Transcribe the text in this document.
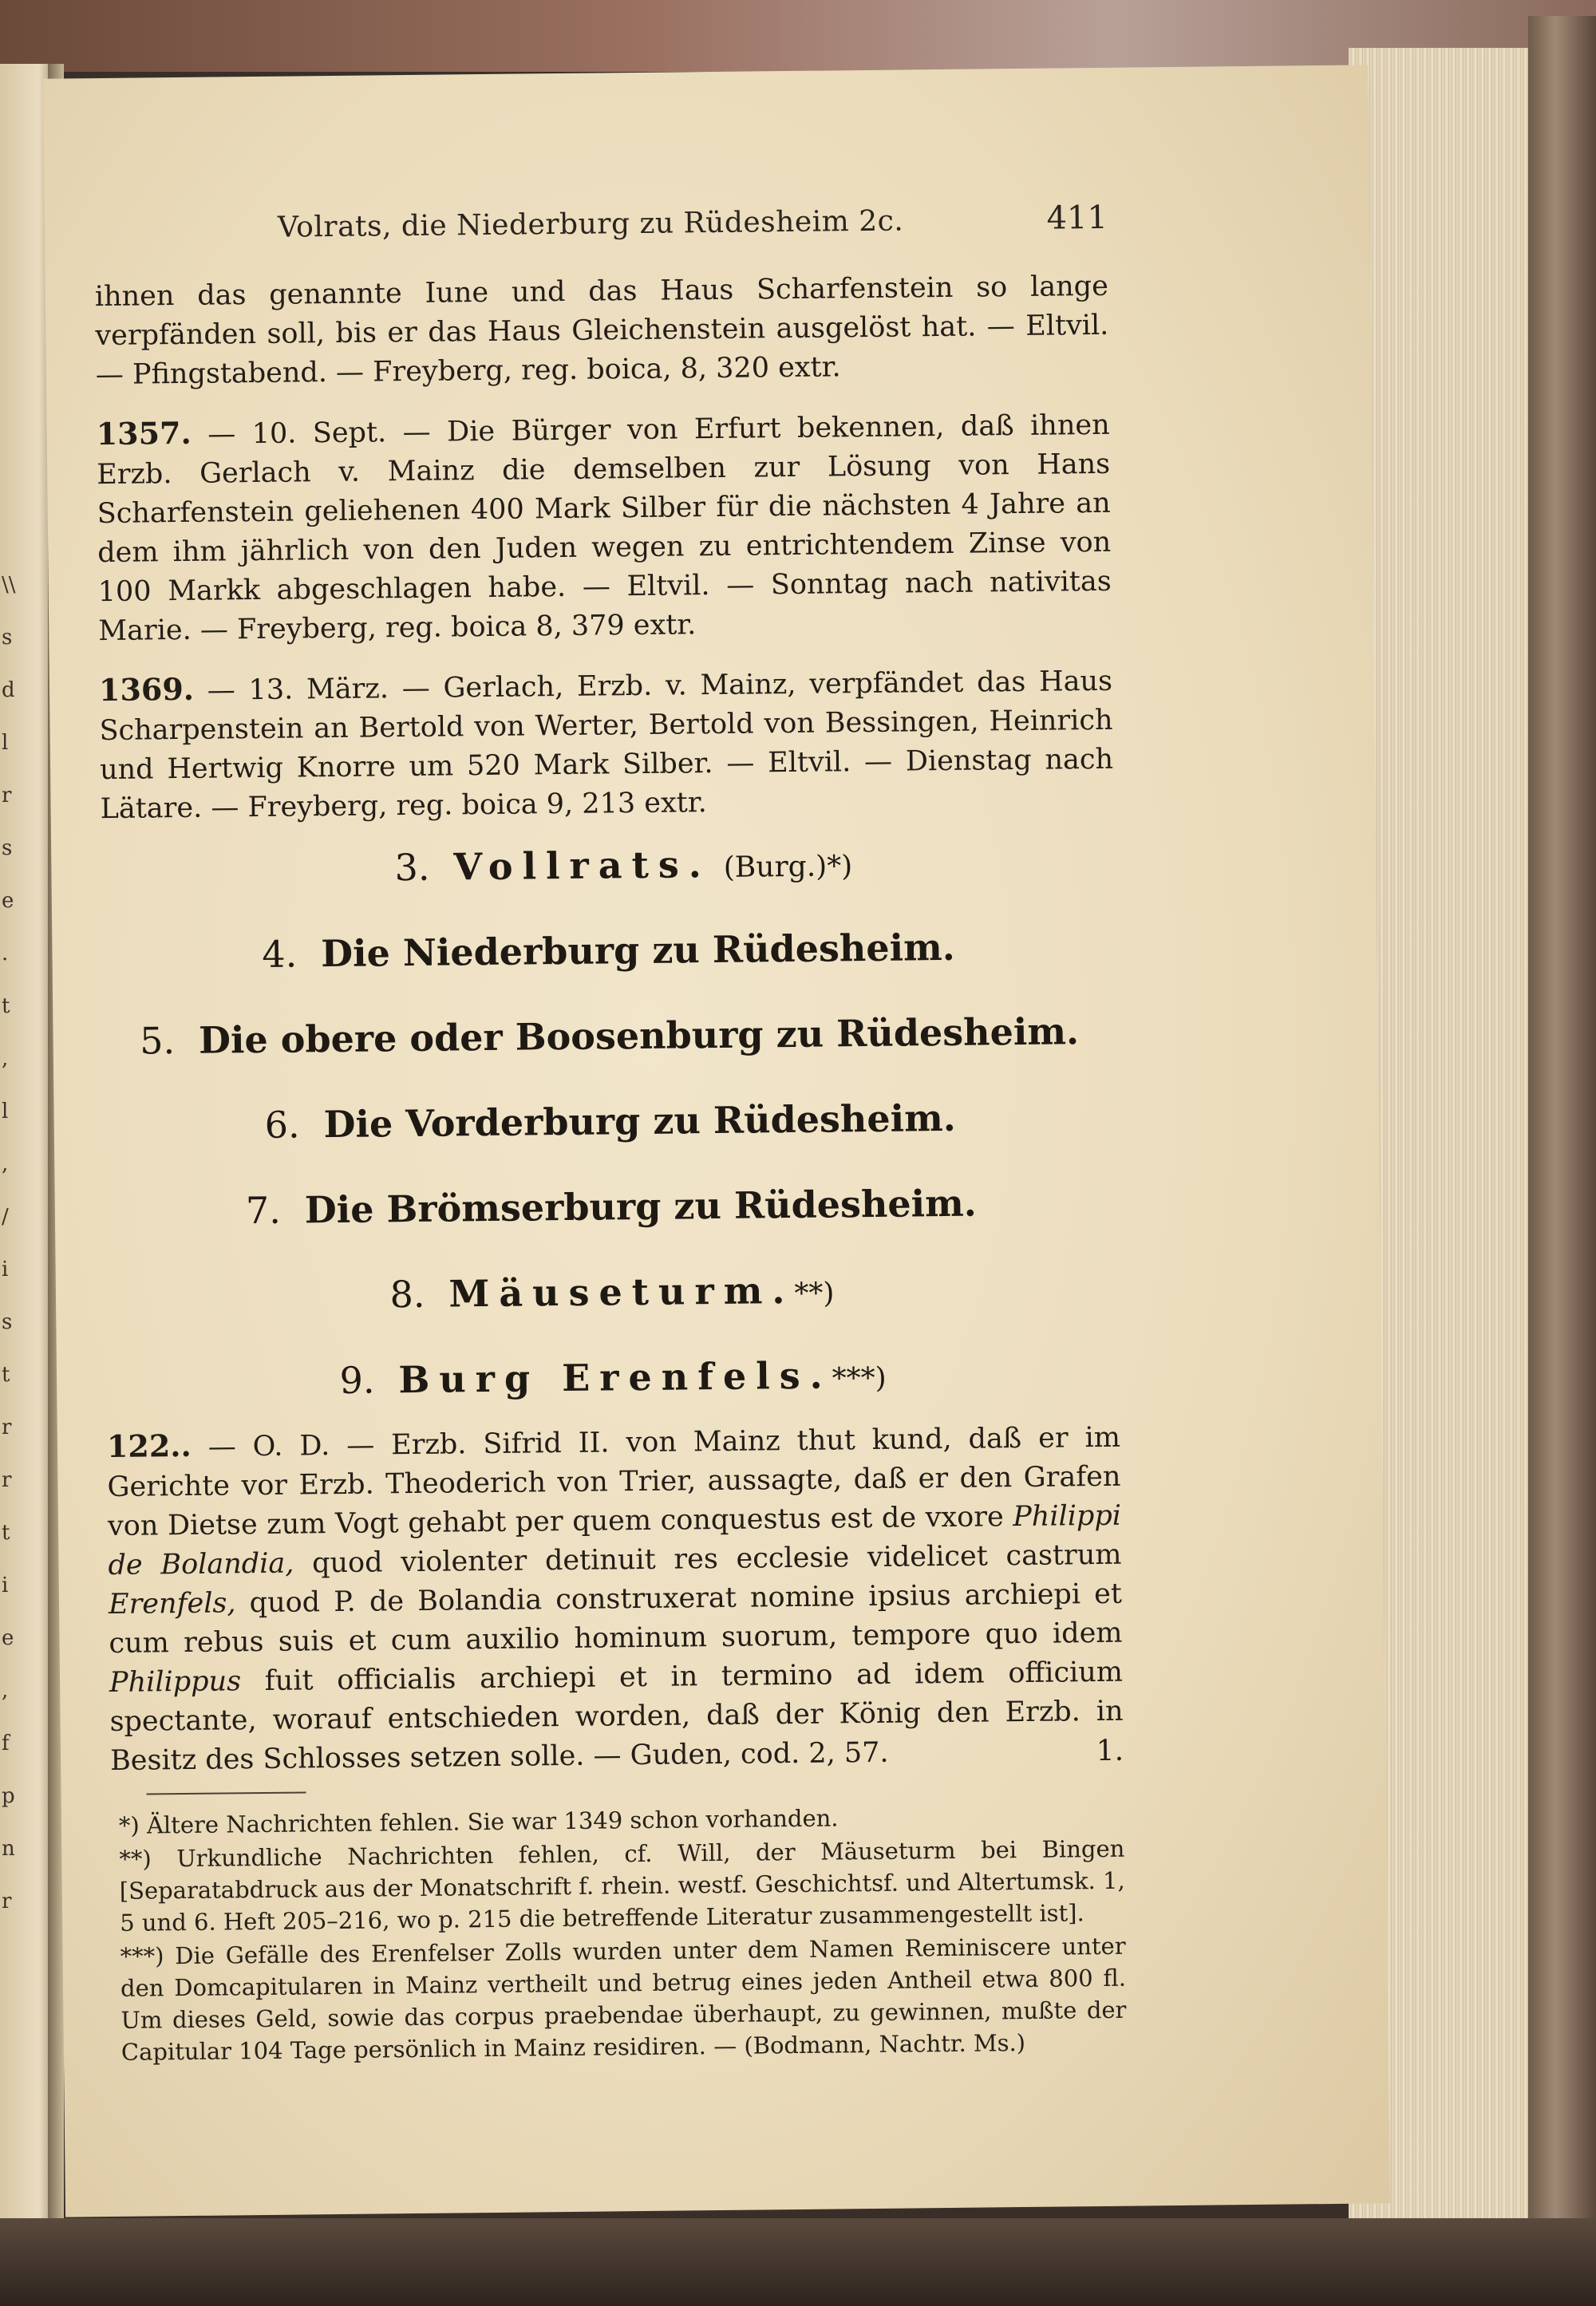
Volrats, die Niederburg zu Rüdesheim 2c.	411

ihnen das genannte Iune und das Haus Scharfenstein so lange verpfänden soll, bis er das Haus Gleichenstein ausgelöst hat. — Eltvil. — Pfingstabend. — Freyberg, reg. boica, 8, 320 extr.

1357. — 10. Sept. — Die Bürger von Erfurt bekennen, daß ihnen Erzb. Gerlach v. Mainz die demselben zur Lösung von Hans Scharfenstein geliehenen 400 Mark Silber für die nächsten 4 Jahre an dem ihm jährlich von den Juden wegen zu entrichtendem Zinse von 100 Markk abgeschlagen habe. — Eltvil. — Sonntag nach nativitas Marie. — Freyberg, reg. boica 8, 379 extr.

1369. — 13. März. — Gerlach, Erzb. v. Mainz, verpfändet das Haus Scharpenstein an Bertold von Werter, Bertold von Bessingen, Heinrich und Hertwig Knorre um 520 Mark Silber. — Eltvil. — Dienstag nach Lätare. — Freyberg, reg. boica 9, 213 extr.

3. Vollrats. (Burg.)*)
4. Die Niederburg zu Rüdesheim.
5. Die obere oder Boosenburg zu Rüdesheim.
6. Die Vorderburg zu Rüdesheim.
7. Die Brömserburg zu Rüdesheim.
8. Mäuseturm.**)
9. Burg Erenfels.***)
122.. — O. D. — Erzb. Sifrid II. von Mainz thut kund, daß er im Gerichte vor Erzb. Theoderich von Trier, aussagte, daß er den Grafen von Dietse zum Vogt gehabt per quem conquestus est de vxore Philippi de Bolandia, quod violenter detinuit res ecclesie videlicet castrum Erenfels, quod P. de Bolandia construxerat nomine ipsius archiepi et cum rebus suis et cum auxilio hominum suorum, tempore quo idem Philippus fuit officialis archiepi et in termino ad idem officium spectante, worauf entschieden worden, daß der König den Erzb. in Besitz des Schlosses setzen solle. — Guden, cod. 2, 57.	1.

*) Ältere Nachrichten fehlen. Sie war 1349 schon vorhanden.

**) Urkundliche Nachrichten fehlen, cf. Will, der Mäuseturm bei Bingen [Separatabdruck aus der Monatschrift f. rhein. westf. Geschichtsf. und Altertumsk. 1, 5 und 6. Heft 205–216, wo p. 215 die betreffende Literatur zusammengestellt ist].

***) Die Gefälle des Erenfelser Zolls wurden unter dem Namen Reminiscere unter den Domcapitularen in Mainz vertheilt und betrug eines jeden Antheil etwa 800 fl. Um dieses Geld, sowie das corpus praebendae überhaupt, zu gewinnen, mußte der Capitular 104 Tage persönlich in Mainz residiren. — (Bodmann, Nachtr. Ms.)

\\
s
d
l
r
s
e
.
t
,
l
,
/
i
s
t
r
r
t
i
e
,
f
p
n
r
